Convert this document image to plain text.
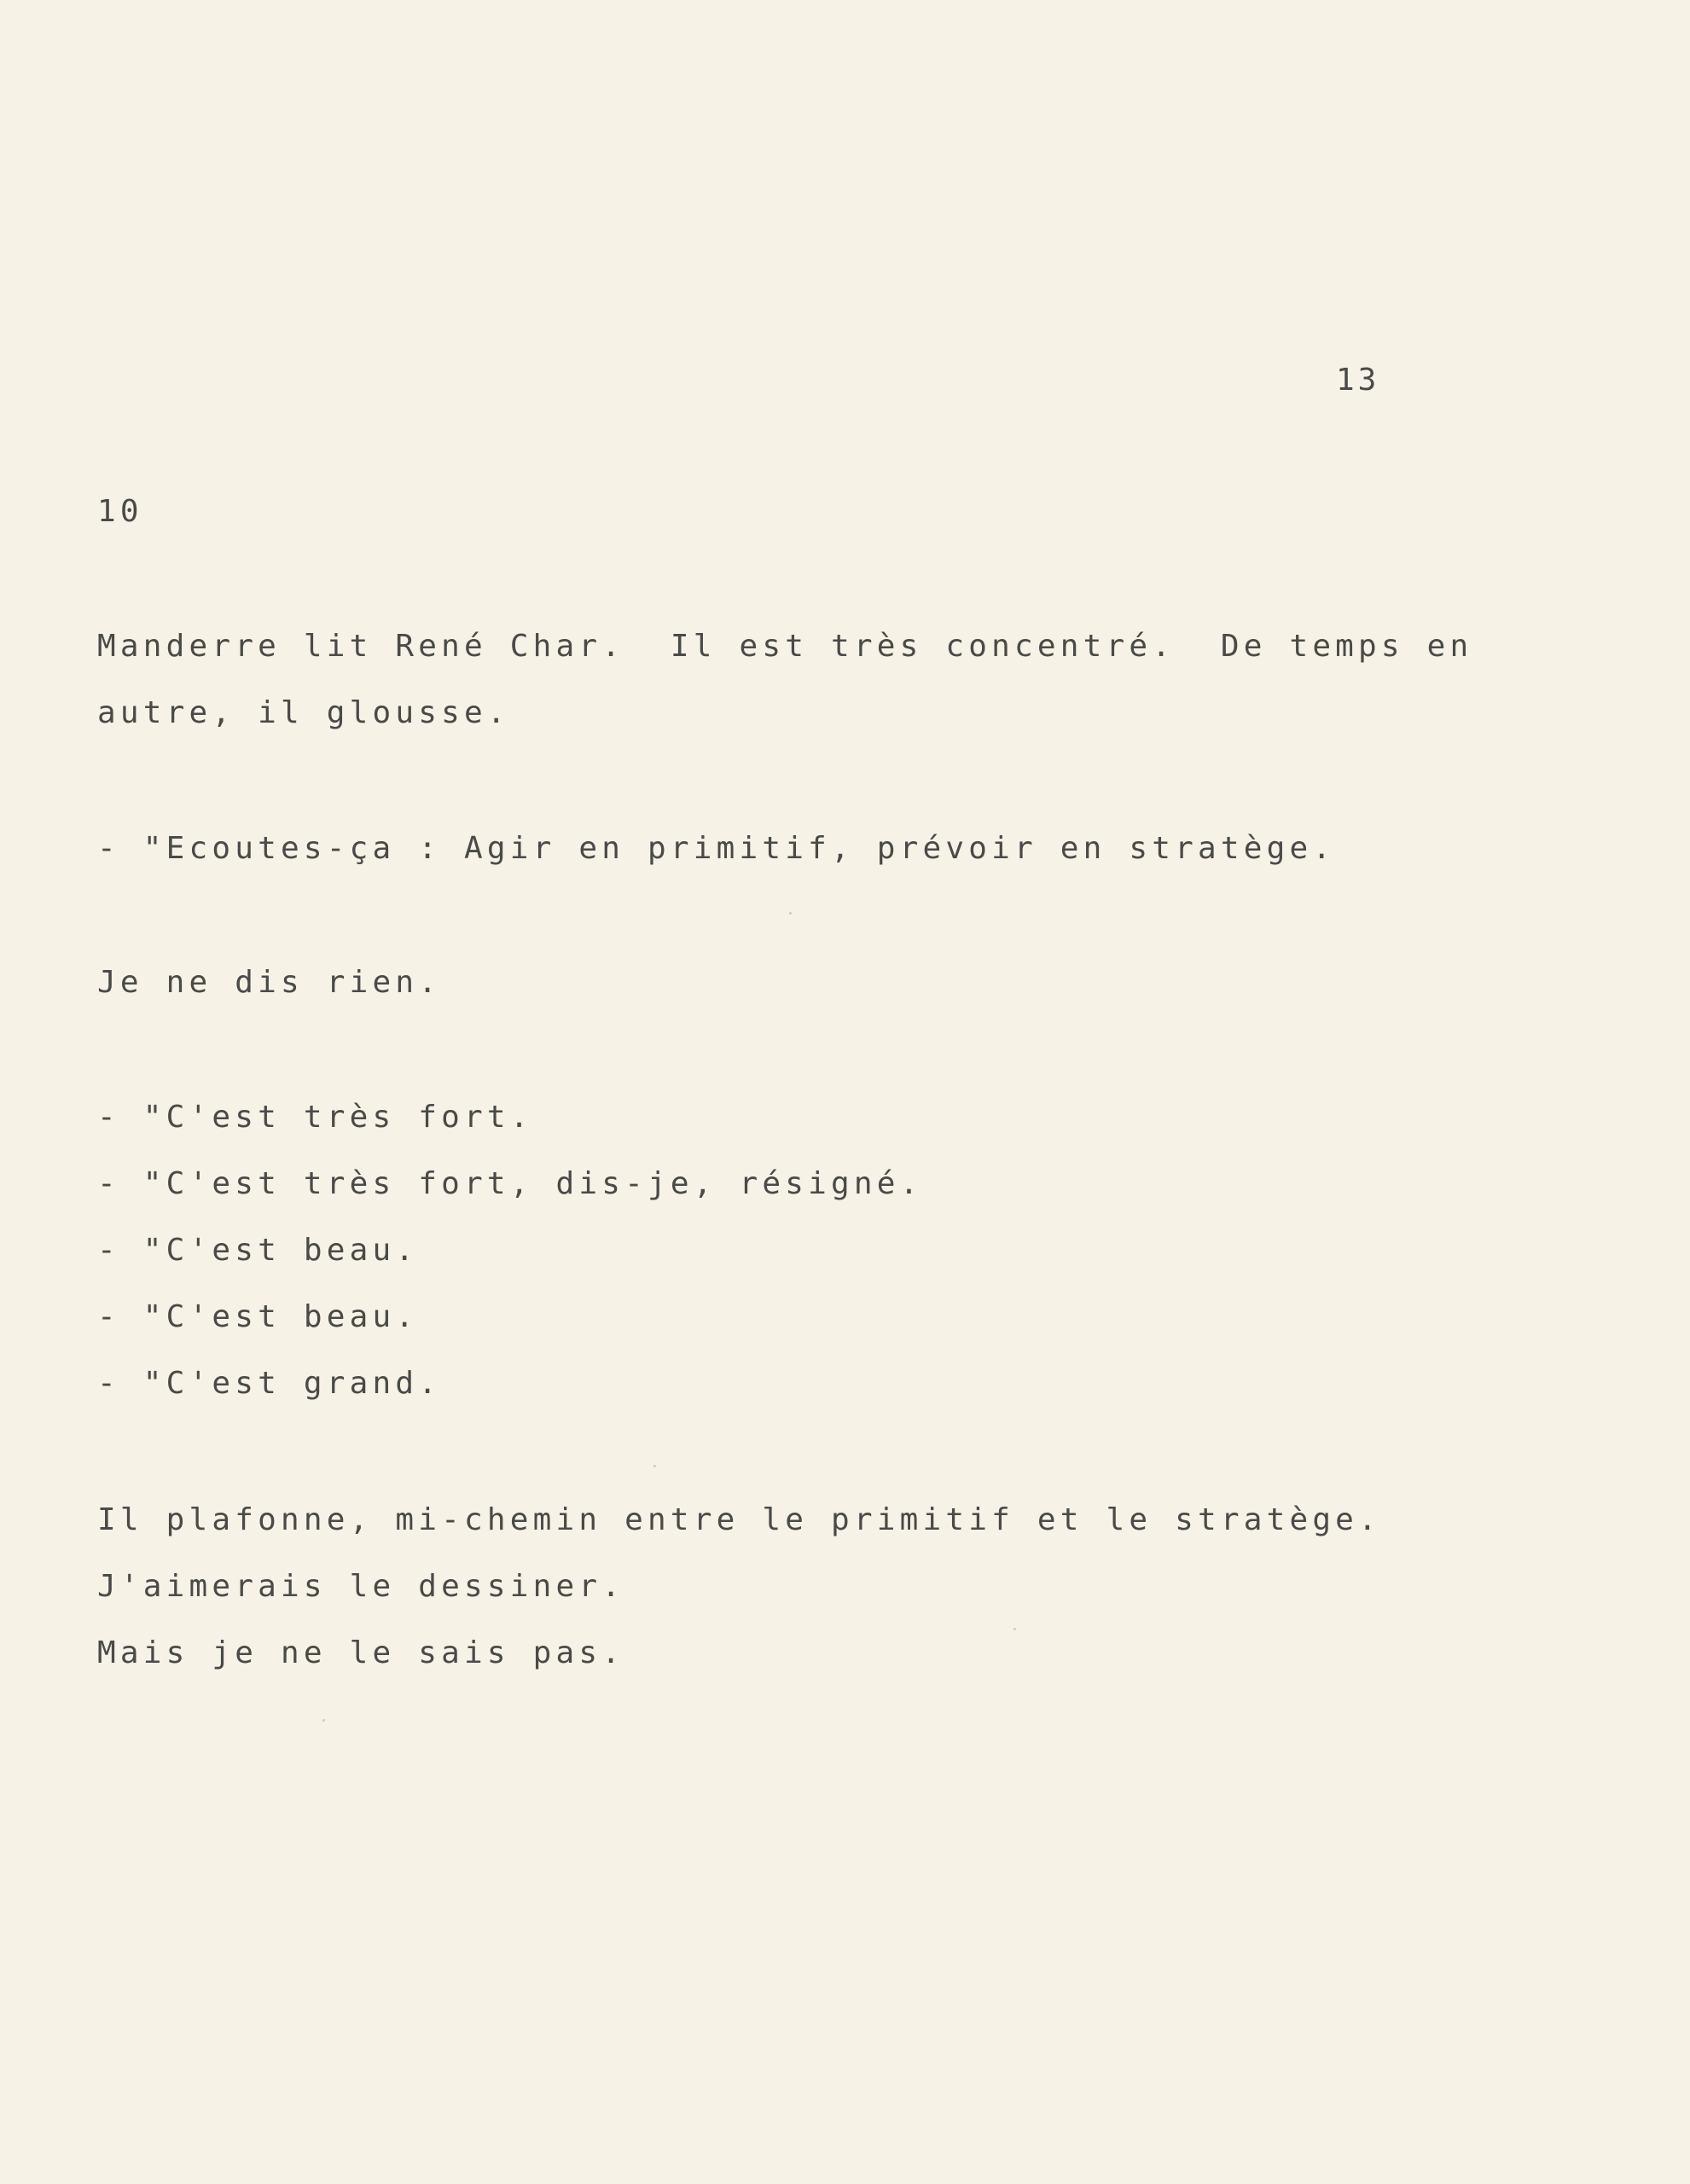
13

10

Manderre lit René Char.  Il est très concentré.  De temps en

autre, il glousse.

- "Ecoutes-ça : Agir en primitif, prévoir en stratège.

Je ne dis rien.

- "C'est très fort.

- "C'est très fort, dis-je, résigné.

- "C'est beau.

- "C'est beau.

- "C'est grand.

Il plafonne, mi-chemin entre le primitif et le stratège.

J'aimerais le dessiner.

Mais je ne le sais pas.
